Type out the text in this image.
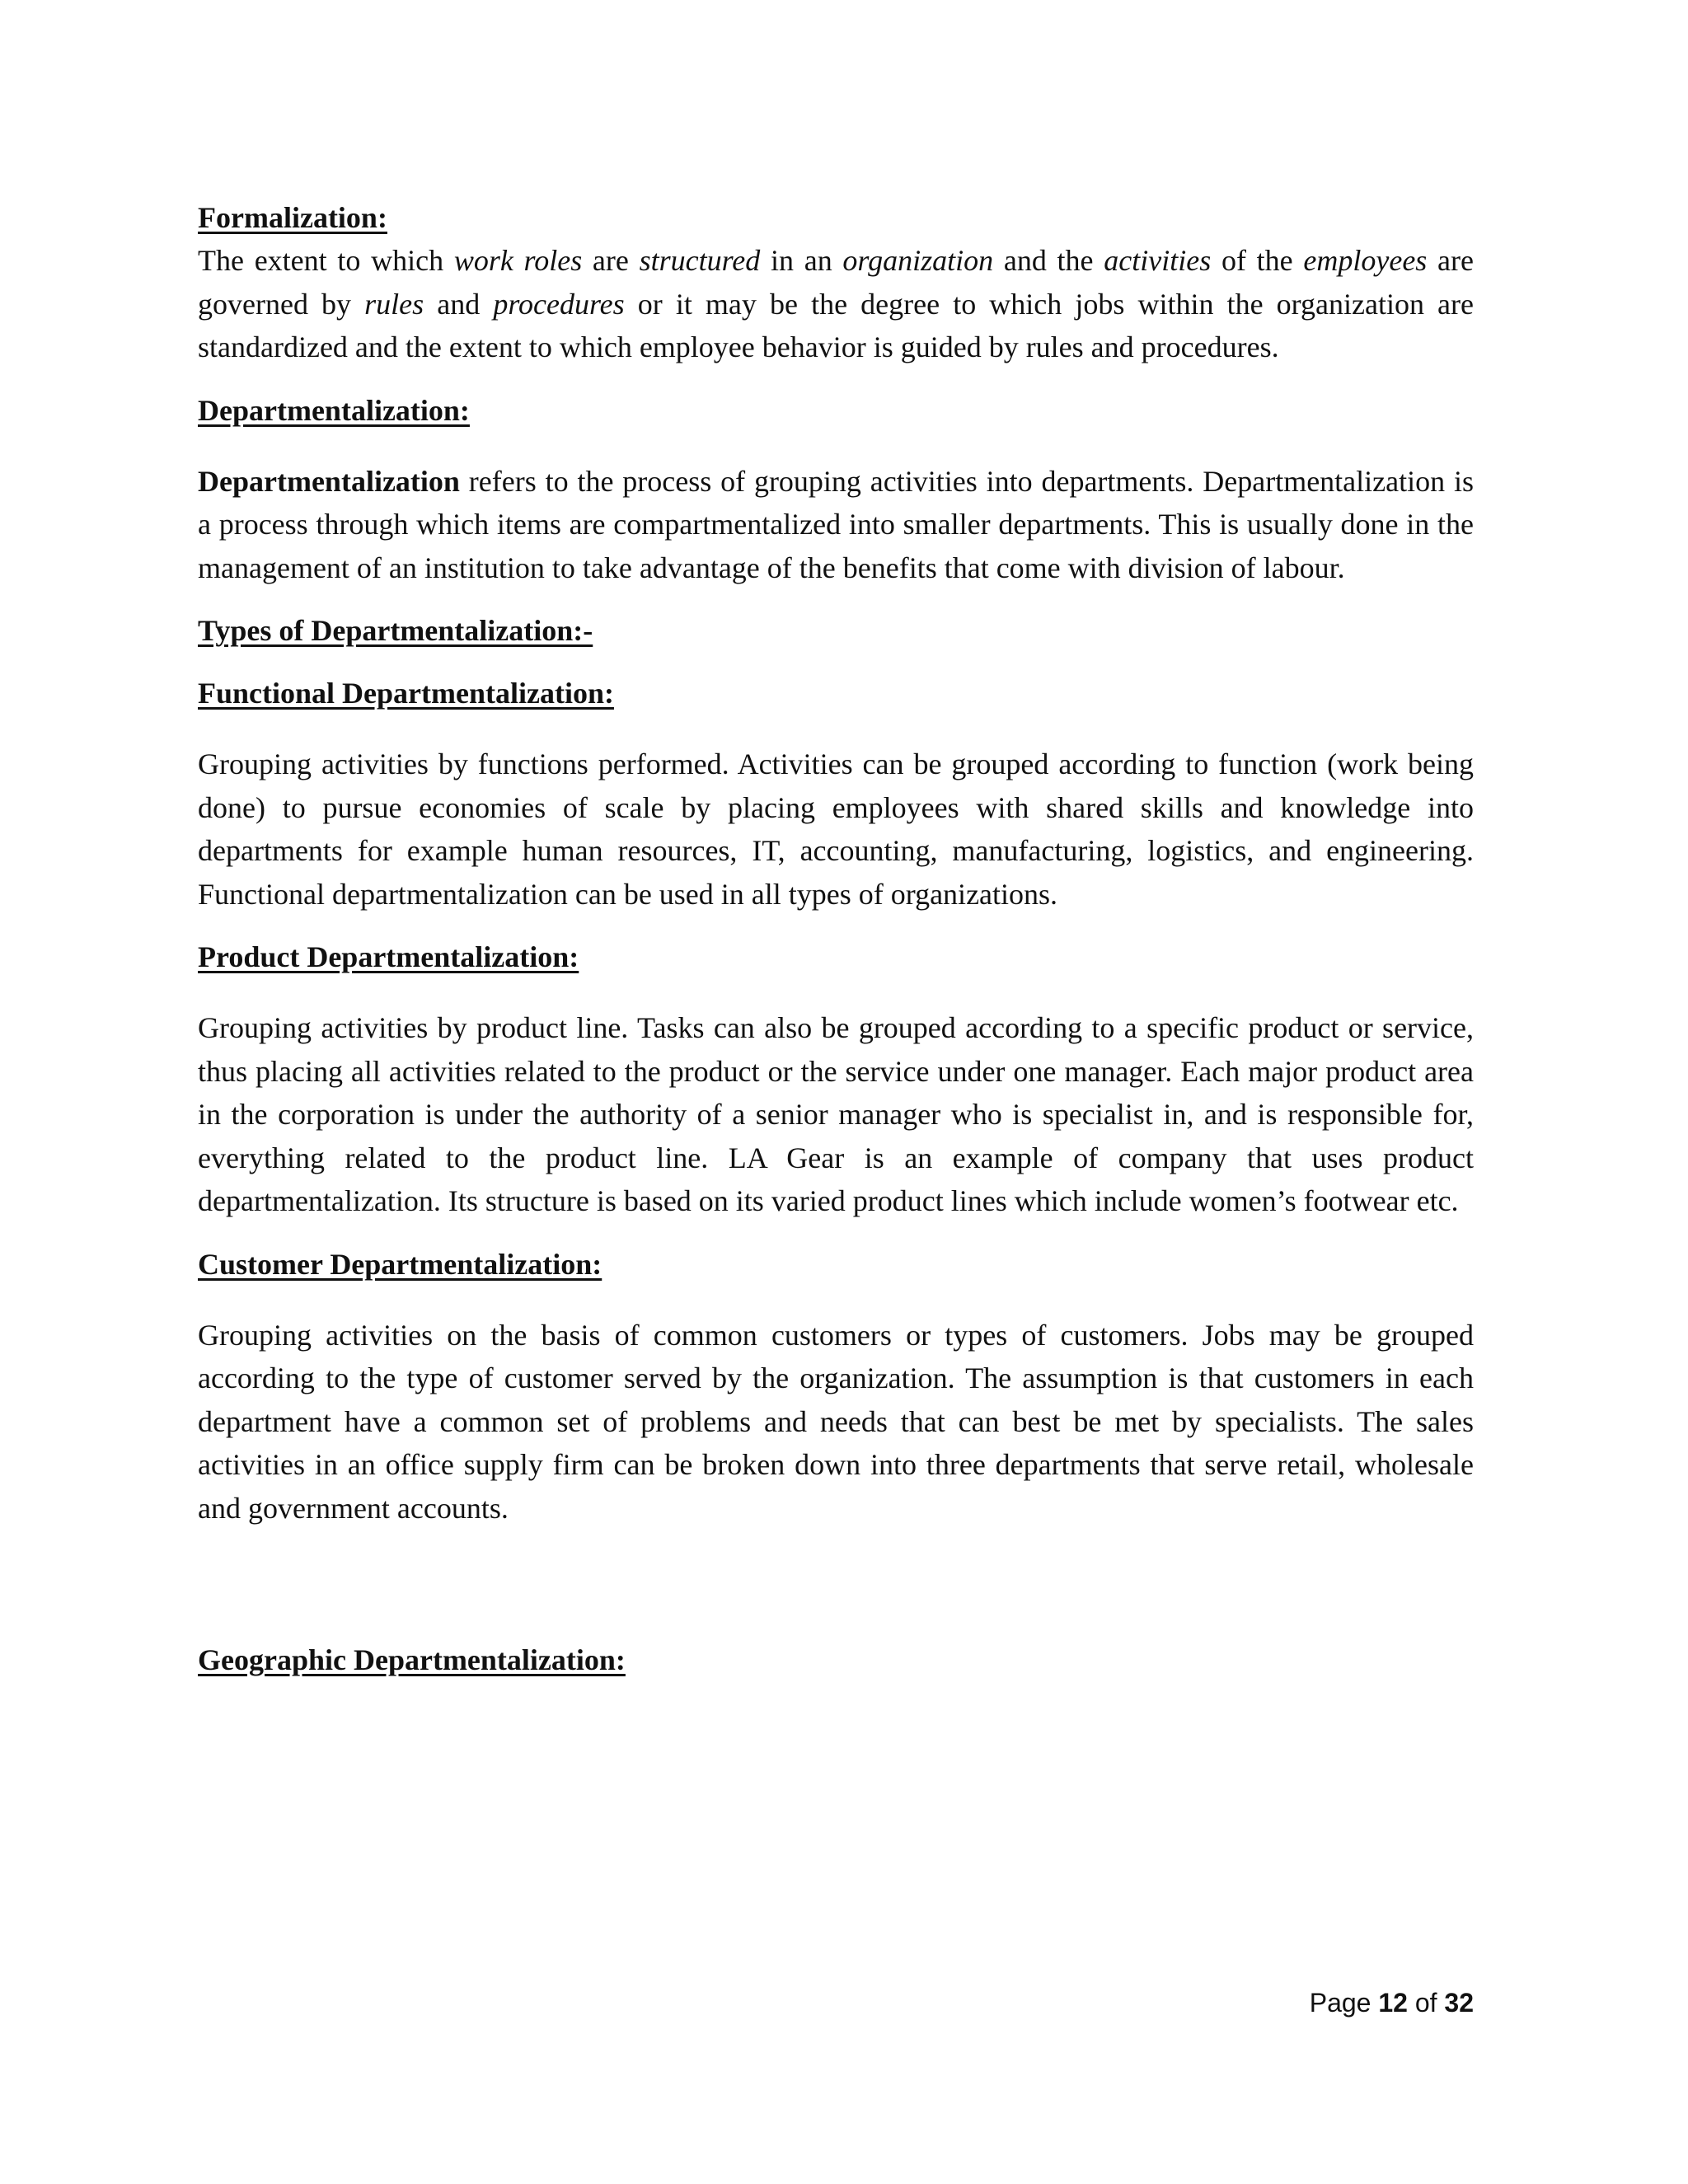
Formalization:

The extent to which work roles are structured in an organization and the activities of the employees are governed by rules and procedures or it may be the degree to which jobs within the organization are standardized and the extent to which employee behavior is guided by rules and procedures.

Departmentalization:

Departmentalization refers to the process of grouping activities into departments. Departmentalization is a process through which items are compartmentalized into smaller departments. This is usually done in the management of an institution to take advantage of the benefits that come with division of labour.

Types of Departmentalization:-

Functional Departmentalization:

Grouping activities by functions performed. Activities can be grouped according to function (work being done) to pursue economies of scale by placing employees with shared skills and knowledge into departments for example human resources, IT, accounting, manufacturing, logistics, and engineering. Functional departmentalization can be used in all types of organizations.

Product Departmentalization:

Grouping activities by product line. Tasks can also be grouped according to a specific product or service, thus placing all activities related to the product or the service under one manager. Each major product area in the corporation is under the authority of a senior manager who is specialist in, and is responsible for, everything related to the product line. LA Gear is an example of company that uses product departmentalization. Its structure is based on its varied product lines which include women’s footwear etc.

Customer Departmentalization:

Grouping activities on the basis of common customers or types of customers. Jobs may be grouped according to the type of customer served by the organization. The assumption is that customers in each department have a common set of problems and needs that can best be met by specialists. The sales activities in an office supply firm can be broken down into three departments that serve retail, wholesale and government accounts.

Geographic Departmentalization:

Page 12 of 32
